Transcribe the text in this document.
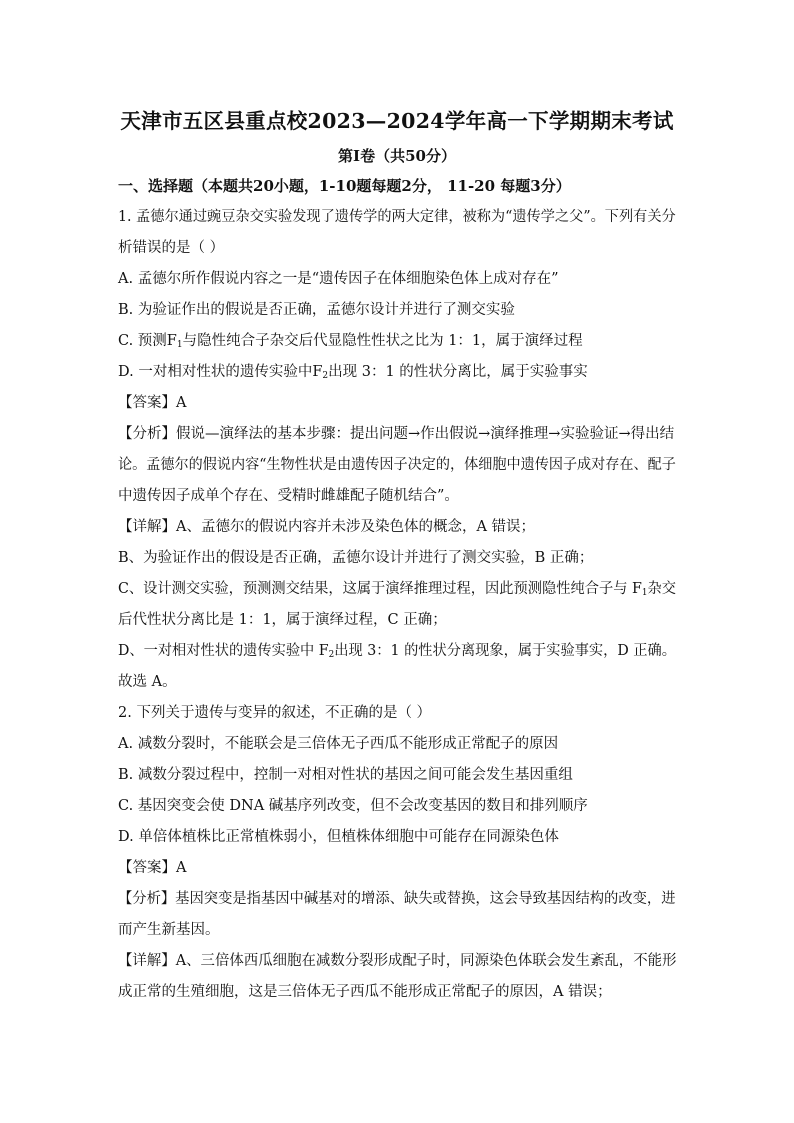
天津市五区县重点校2023—2024学年高一下学期期末考试
第Ⅰ卷（共50分）
一、选择题（本题共20小题，1-10题每题2分， 11-20 每题3分）
1. 孟德尔通过豌豆杂交实验发现了遗传学的两大定律，被称为“遗传学之父”。下列有关分
析错误的是（ ）
A. 孟德尔所作假说内容之一是“遗传因子在体细胞染色体上成对存在”
B. 为验证作出的假说是否正确，孟德尔设计并进行了测交实验
C. 预测$F_1$与隐性纯合子杂交后代显隐性性状之比为 1：1，属于演绎过程
D. 一对相对性状的遗传实验中$F_2$出现 3：1 的性状分离比，属于实验事实
【答案】A
【分析】假说—演绎法的基本步骤：提出问题→作出假说→演绎推理→实验验证→得出结
论。孟德尔的假说内容“生物性状是由遗传因子决定的，体细胞中遗传因子成对存在、配子
中遗传因子成单个存在、受精时雌雄配子随机结合”。
【详解】A、孟德尔的假说内容并未涉及染色体的概念，A 错误；
B、为验证作出的假设是否正确，孟德尔设计并进行了测交实验，B 正确；
C、设计测交实验，预测测交结果，这属于演绎推理过程，因此预测隐性纯合子与 $F_1$杂交
后代性状分离比是 1：1，属于演绎过程，C 正确；
D、一对相对性状的遗传实验中 $F_2$出现 3：1 的性状分离现象，属于实验事实，D 正确。
故选 A。
2. 下列关于遗传与变异的叙述，不正确的是（ ）
A. 减数分裂时，不能联会是三倍体无子西瓜不能形成正常配子的原因
B. 减数分裂过程中，控制一对相对性状的基因之间可能会发生基因重组
C. 基因突变会使 DNA 碱基序列改变，但不会改变基因的数目和排列顺序
D. 单倍体植株比正常植株弱小，但植株体细胞中可能存在同源染色体
【答案】A
【分析】基因突变是指基因中碱基对的增添、缺失或替换，这会导致基因结构的改变，进
而产生新基因。
【详解】A、三倍体西瓜细胞在减数分裂形成配子时，同源染色体联会发生紊乱，不能形
成正常的生殖细胞，这是三倍体无子西瓜不能形成正常配子的原因，A 错误；
